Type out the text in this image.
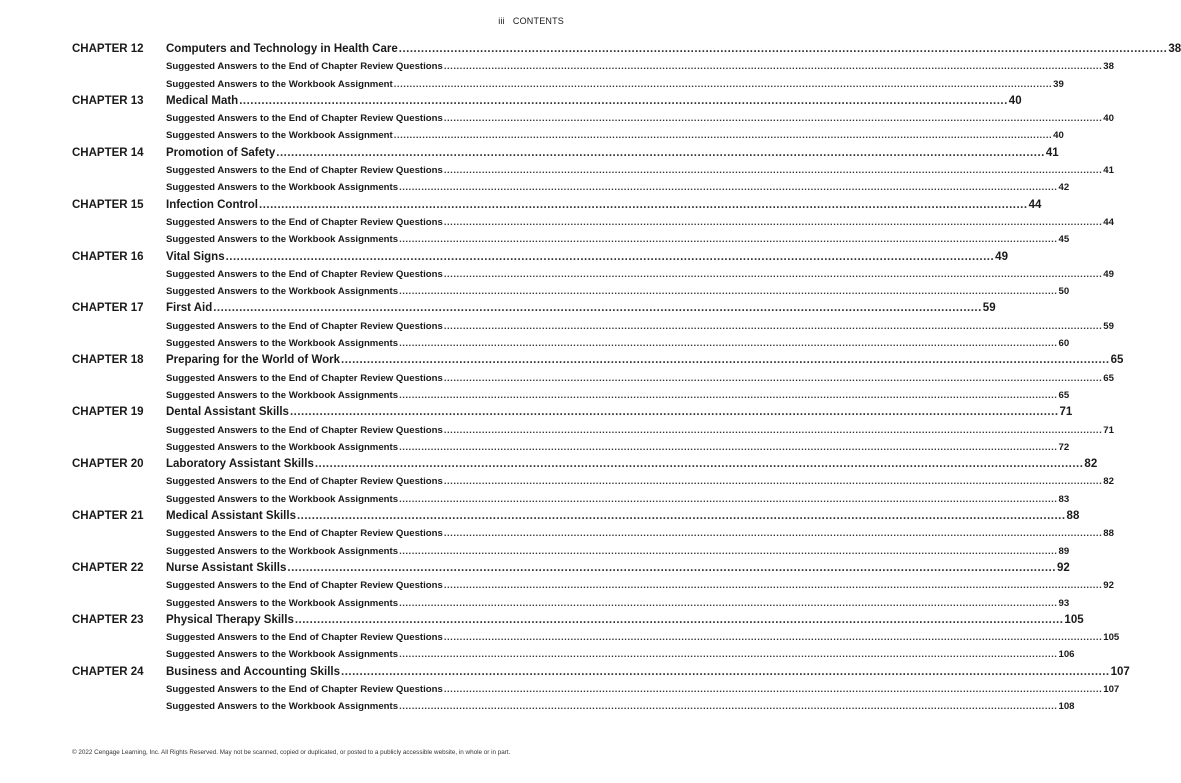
iii CONTENTS
CHAPTER 12	Computers and Technology in Health Care .....	38
Suggested Answers to the End of Chapter Review Questions .....	38
Suggested Answers to the Workbook Assignment .....	39
CHAPTER 13	Medical Math .....	40
Suggested Answers to the End of Chapter Review Questions .....	40
Suggested Answers to the Workbook Assignment .....	40
CHAPTER 14	Promotion of Safety .....	41
Suggested Answers to the End of Chapter Review Questions .....	41
Suggested Answers to the Workbook Assignments .....	42
CHAPTER 15	Infection Control .....	44
Suggested Answers to the End of Chapter Review Questions .....	44
Suggested Answers to the Workbook Assignments .....	45
CHAPTER 16	Vital Signs .....	49
Suggested Answers to the End of Chapter Review Questions .....	49
Suggested Answers to the Workbook Assignments .....	50
CHAPTER 17	First Aid .....	59
Suggested Answers to the End of Chapter Review Questions .....	59
Suggested Answers to the Workbook Assignments .....	60
CHAPTER 18	Preparing for the World of Work .....	65
Suggested Answers to the End of Chapter Review Questions .....	65
Suggested Answers to the Workbook Assignments .....	65
CHAPTER 19	Dental Assistant Skills .....	71
Suggested Answers to the End of Chapter Review Questions .....	71
Suggested Answers to the Workbook Assignments .....	72
CHAPTER 20	Laboratory Assistant Skills .....	82
Suggested Answers to the End of Chapter Review Questions .....	82
Suggested Answers to the Workbook Assignments .....	83
CHAPTER 21	Medical Assistant Skills .....	88
Suggested Answers to the End of Chapter Review Questions .....	88
Suggested Answers to the Workbook Assignments .....	89
CHAPTER 22	Nurse Assistant Skills .....	92
Suggested Answers to the End of Chapter Review Questions .....	92
Suggested Answers to the Workbook Assignments .....	93
CHAPTER 23	Physical Therapy Skills .....	105
Suggested Answers to the End of Chapter Review Questions .....	105
Suggested Answers to the Workbook Assignments .....	106
CHAPTER 24	Business and Accounting Skills .....	107
Suggested Answers to the End of Chapter Review Questions .....	107
Suggested Answers to the Workbook Assignments .....	108
© 2022 Cengage Learning, Inc. All Rights Reserved. May not be scanned, copied or duplicated, or posted to a publicly accessible website, in whole or in part.
